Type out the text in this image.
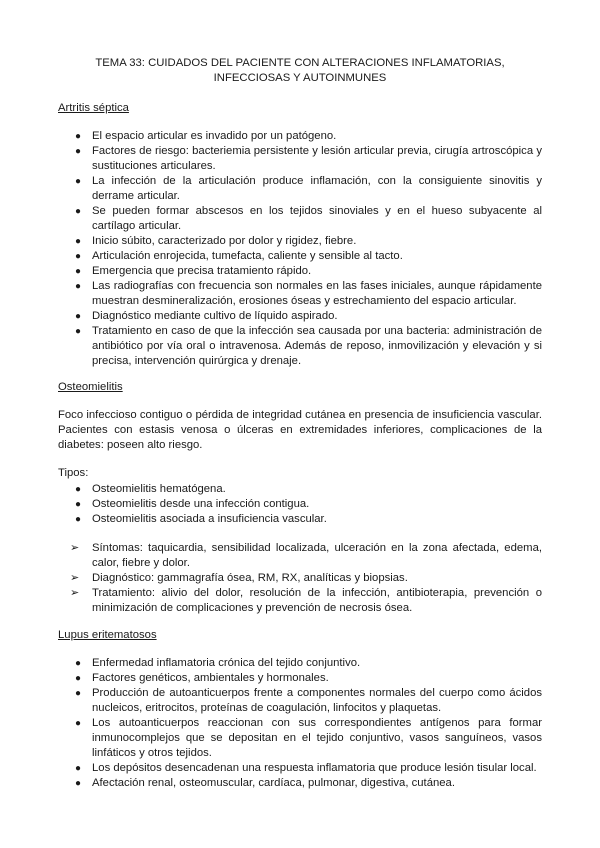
TEMA 33: CUIDADOS DEL PACIENTE CON ALTERACIONES INFLAMATORIAS, INFECCIOSAS Y AUTOINMUNES
Artritis séptica
● El espacio articular es invadido por un patógeno.
● Factores de riesgo: bacteriemia persistente y lesión articular previa, cirugía artroscópica y sustituciones articulares.
● La infección de la articulación produce inflamación, con la consiguiente sinovitis y derrame articular.
● Se pueden formar abscesos en los tejidos sinoviales y en el hueso subyacente al cartílago articular.
● Inicio súbito, caracterizado por dolor y rigidez, fiebre.
● Articulación enrojecida, tumefacta, caliente y sensible al tacto.
● Emergencia que precisa tratamiento rápido.
● Las radiografías con frecuencia son normales en las fases iniciales, aunque rápidamente muestran desmineralización, erosiones óseas y estrechamiento del espacio articular.
● Diagnóstico mediante cultivo de líquido aspirado.
● Tratamiento en caso de que la infección sea causada por una bacteria: administración de antibiótico por vía oral o intravenosa. Además de reposo, inmovilización y elevación y si precisa, intervención quirúrgica y drenaje.
Osteomielitis
Foco infeccioso contiguo o pérdida de integridad cutánea en presencia de insuficiencia vascular. Pacientes con estasis venosa o úlceras en extremidades inferiores, complicaciones de la diabetes: poseen alto riesgo.
Tipos:
● Osteomielitis hematógena.
● Osteomielitis desde una infección contigua.
● Osteomielitis asociada a insuficiencia vascular.
➢ Síntomas: taquicardia, sensibilidad localizada, ulceración en la zona afectada, edema, calor, fiebre y dolor.
➢ Diagnóstico: gammagrafía ósea, RM, RX, analíticas y biopsias.
➢ Tratamiento: alivio del dolor, resolución de la infección, antibioterapia, prevención o minimización de complicaciones y prevención de necrosis ósea.
Lupus eritematosos
● Enfermedad inflamatoria crónica del tejido conjuntivo.
● Factores genéticos, ambientales y hormonales.
● Producción de autoanticuerpos frente a componentes normales del cuerpo como ácidos nucleicos, eritrocitos, proteínas de coagulación, linfocitos y plaquetas.
● Los autoanticuerpos reaccionan con sus correspondientes antígenos para formar inmunocomplejos que se depositan en el tejido conjuntivo, vasos sanguíneos, vasos linfáticos y otros tejidos.
● Los depósitos desencadenan una respuesta inflamatoria que produce lesión tisular local.
● Afectación renal, osteomuscular, cardíaca, pulmonar, digestiva, cutánea.
